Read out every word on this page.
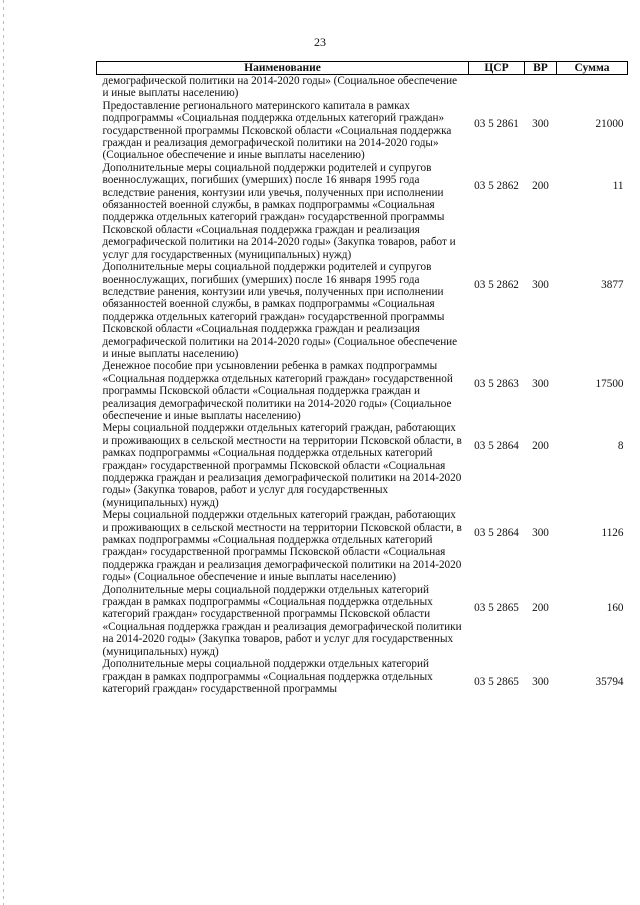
23
Наименование	ЦСР	ВР	Сумма
демографической политики на 2014-2020 годы» (Социальное обеспечение и иные выплаты населению)			
Предоставление регионального материнского капитала в рамках подпрограммы «Социальная поддержка отдельных категорий граждан» государственной программы Псковской области «Социальная поддержка граждан и реализация демографической политики на 2014-2020 годы» (Социальное обеспечение и иные выплаты населению)	03 5 2861	300	21000
Дополнительные меры социальной поддержки родителей и супругов военнослужащих, погибших (умерших) после 16 января 1995 года вследствие ранения, контузии или увечья, полученных при исполнении обязанностей военной службы, в рамках подпрограммы «Социальная поддержка отдельных категорий граждан» государственной программы Псковской области «Социальная поддержка граждан и реализация демографической политики на 2014-2020 годы» (Закупка товаров, работ и услуг для государственных (муниципальных) нужд)	03 5 2862	200	11
Дополнительные меры социальной поддержки родителей и супругов военнослужащих, погибших (умерших) после 16 января 1995 года вследствие ранения, контузии или увечья, полученных при исполнении обязанностей военной службы, в рамках подпрограммы «Социальная поддержка отдельных категорий граждан» государственной программы Псковской области «Социальная поддержка граждан и реализация демографической политики на 2014-2020 годы» (Социальное обеспечение и иные выплаты населению)	03 5 2862	300	3877
Денежное пособие при усыновлении ребенка в рамках подпрограммы «Социальная поддержка отдельных категорий граждан» государственной программы Псковской области «Социальная поддержка граждан и реализация демографической политики на 2014-2020 годы» (Социальное обеспечение и иные выплаты населению)	03 5 2863	300	17500
Меры социальной поддержки отдельных категорий граждан, работающих и проживающих в сельской местности на территории Псковской области, в рамках подпрограммы «Социальная поддержка отдельных категорий граждан» государственной программы Псковской области «Социальная поддержка граждан и реализация демографической политики на 2014-2020 годы» (Закупка товаров, работ и услуг для государственных (муниципальных) нужд)	03 5 2864	200	8
Меры социальной поддержки отдельных категорий граждан, работающих и проживающих в сельской местности на территории Псковской области, в рамках подпрограммы «Социальная поддержка отдельных категорий граждан» государственной программы Псковской области «Социальная поддержка граждан и реализация демографической политики на 2014-2020 годы» (Социальное обеспечение и иные выплаты населению)	03 5 2864	300	1126
Дополнительные меры социальной поддержки отдельных категорий граждан в рамках подпрограммы «Социальная поддержка отдельных категорий граждан» государственной программы Псковской области «Социальная поддержка граждан и реализация демографической политики на 2014-2020 годы» (Закупка товаров, работ и услуг для государственных (муниципальных) нужд)	03 5 2865	200	160
Дополнительные меры социальной поддержки отдельных категорий граждан в рамках подпрограммы «Социальная поддержка отдельных категорий граждан» государственной программы	03 5 2865	300	35794
